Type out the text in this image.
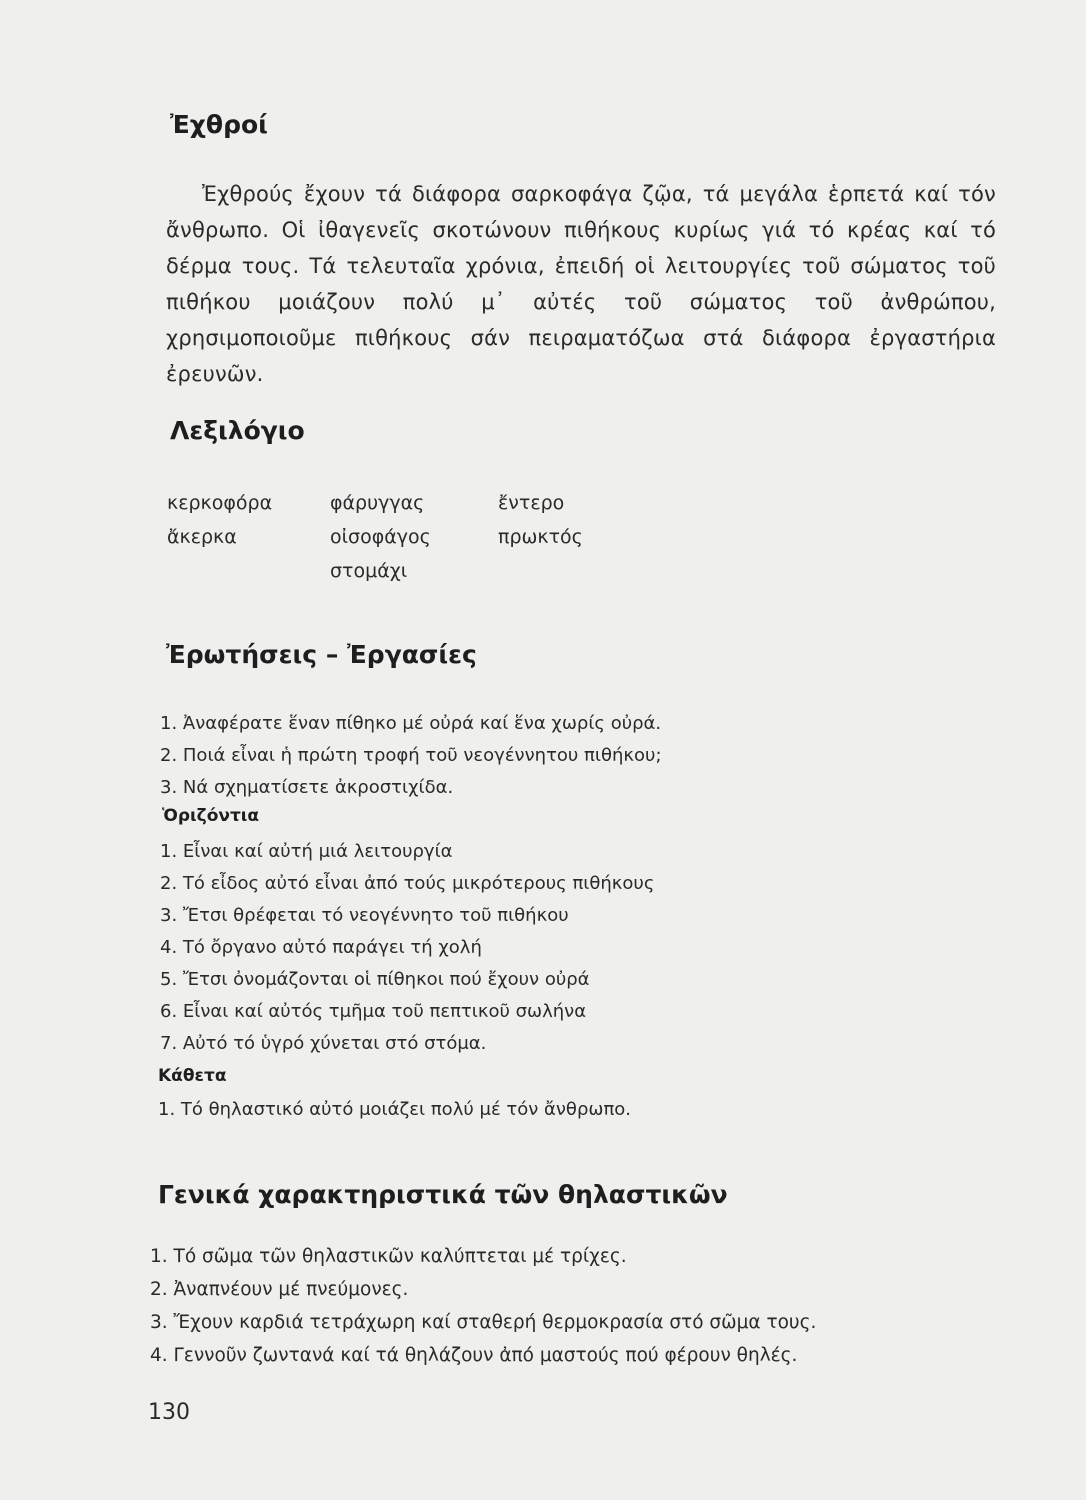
Ἐχθροί

Ἐχθρούς ἔχουν τά διάφορα σαρκοφάγα ζῷα, τά μεγάλα ἑρπετά καί τόν ἄνθρωπο. Οἱ ἰθαγενεῖς σκοτώνουν πιθήκους κυρίως γιά τό κρέας καί τό δέρμα τους. Τά τελευταῖα χρόνια, ἐπειδή οἱ λειτουργίες τοῦ σώματος τοῦ πιθήκου μοιάζουν πολύ μ᾽ αὐτές τοῦ σώματος τοῦ ἀνθρώπου, χρησιμοποιοῦμε πιθήκους σάν πειραματόζωα στά διάφορα ἐργαστήρια ἐρευνῶν.

Λεξιλόγιο
κερκοφόρα
ἄκερκα
φάρυγγας
οἰσοφάγος
στομάχι
ἔντερο
πρωκτός
Ἐρωτήσεις – Ἐργασίες
1. Ἀναφέρατε ἕναν πίθηκο μέ οὐρά καί ἕνα χωρίς οὐρά.
2. Ποιά εἶναι ἡ πρώτη τροφή τοῦ νεογέννητου πιθήκου;
3. Νά σχηματίσετε ἀκροστιχίδα.
Ὁριζόντια
1. Εἶναι καί αὐτή μιά λειτουργία
2. Τό εἶδος αὐτό εἶναι ἀπό τούς μικρότερους πιθήκους
3. Ἔτσι θρέφεται τό νεογέννητο τοῦ πιθήκου
4. Τό ὄργανο αὐτό παράγει τή χολή
5. Ἔτσι ὀνομάζονται οἱ πίθηκοι πού ἔχουν οὐρά
6. Εἶναι καί αὐτός τμῆμα τοῦ πεπτικοῦ σωλήνα
7. Αὐτό τό ὑγρό χύνεται στό στόμα.
Κάθετα
1. Τό θηλαστικό αὐτό μοιάζει πολύ μέ τόν ἄνθρωπο.
Γενικά χαρακτηριστικά τῶν θηλαστικῶν
1. Τό σῶμα τῶν θηλαστικῶν καλύπτεται μέ τρίχες.
2. Ἀναπνέουν μέ πνεύμονες.
3. Ἔχουν καρδιά τετράχωρη καί σταθερή θερμοκρασία στό σῶμα τους.
4. Γεννοῦν ζωντανά καί τά θηλάζουν ἀπό μαστούς πού φέρουν θηλές.
130
